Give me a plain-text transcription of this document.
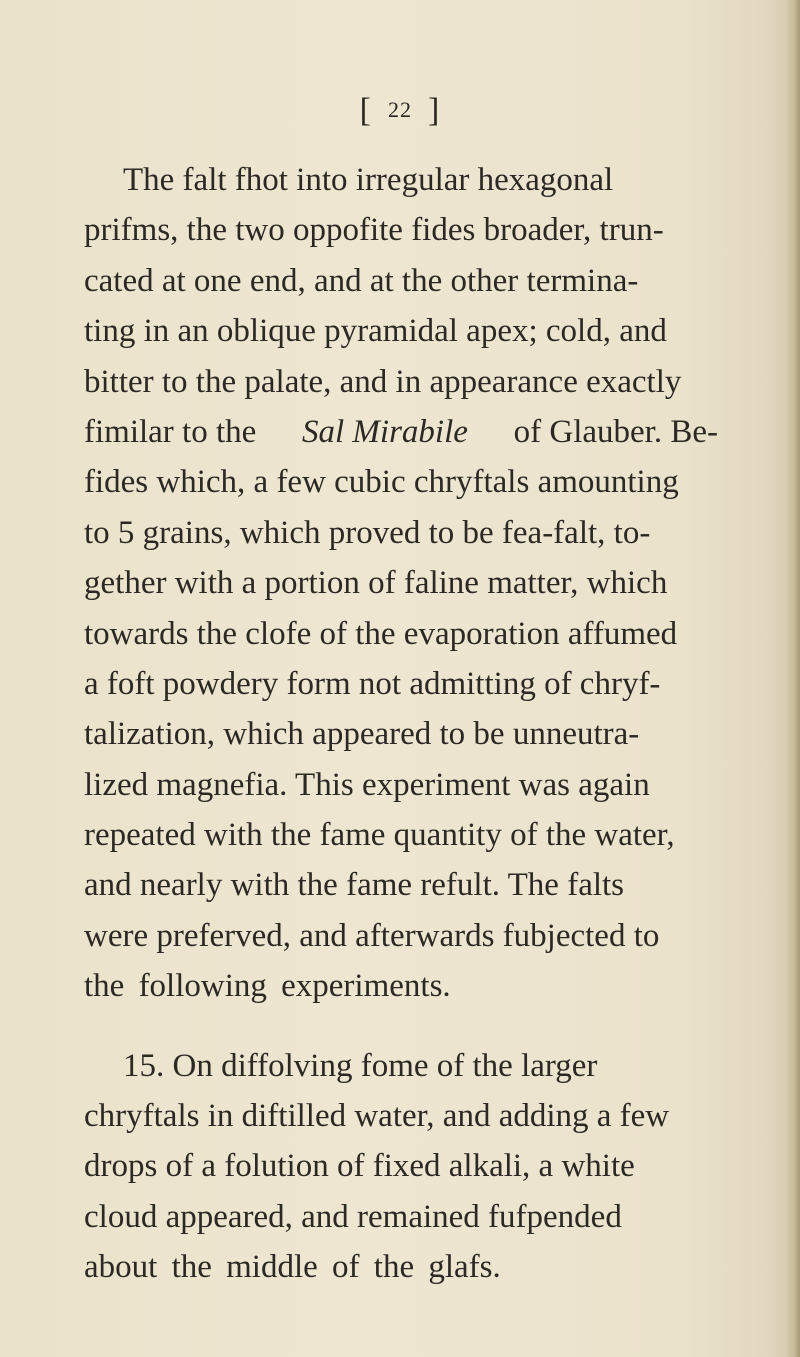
[ 22 ]
The falt fhot into irregular hexagonal
prifms, the two oppofite fides broader, trun-
cated at one end, and at the other termina-
ting in an oblique pyramidal apex; cold, and
bitter to the palate, and in appearance exactly
fimilar to the Sal Mirabile of Glauber. Be-
fides which, a few cubic chryftals amounting
to 5 grains, which proved to be fea-falt, to-
gether with a portion of faline matter, which
towards the clofe of the evaporation affumed
a foft powdery form not admitting of chryf-
talization, which appeared to be unneutra-
lized magnefia. This experiment was again
repeated with the fame quantity of the water,
and nearly with the fame refult. The falts
were preferved, and afterwards fubjected to
the following experiments.
15. On diffolving fome of the larger
chryftals in diftilled water, and adding a few
drops of a folution of fixed alkali, a white
cloud appeared, and remained fufpended
about the middle of the glafs.
